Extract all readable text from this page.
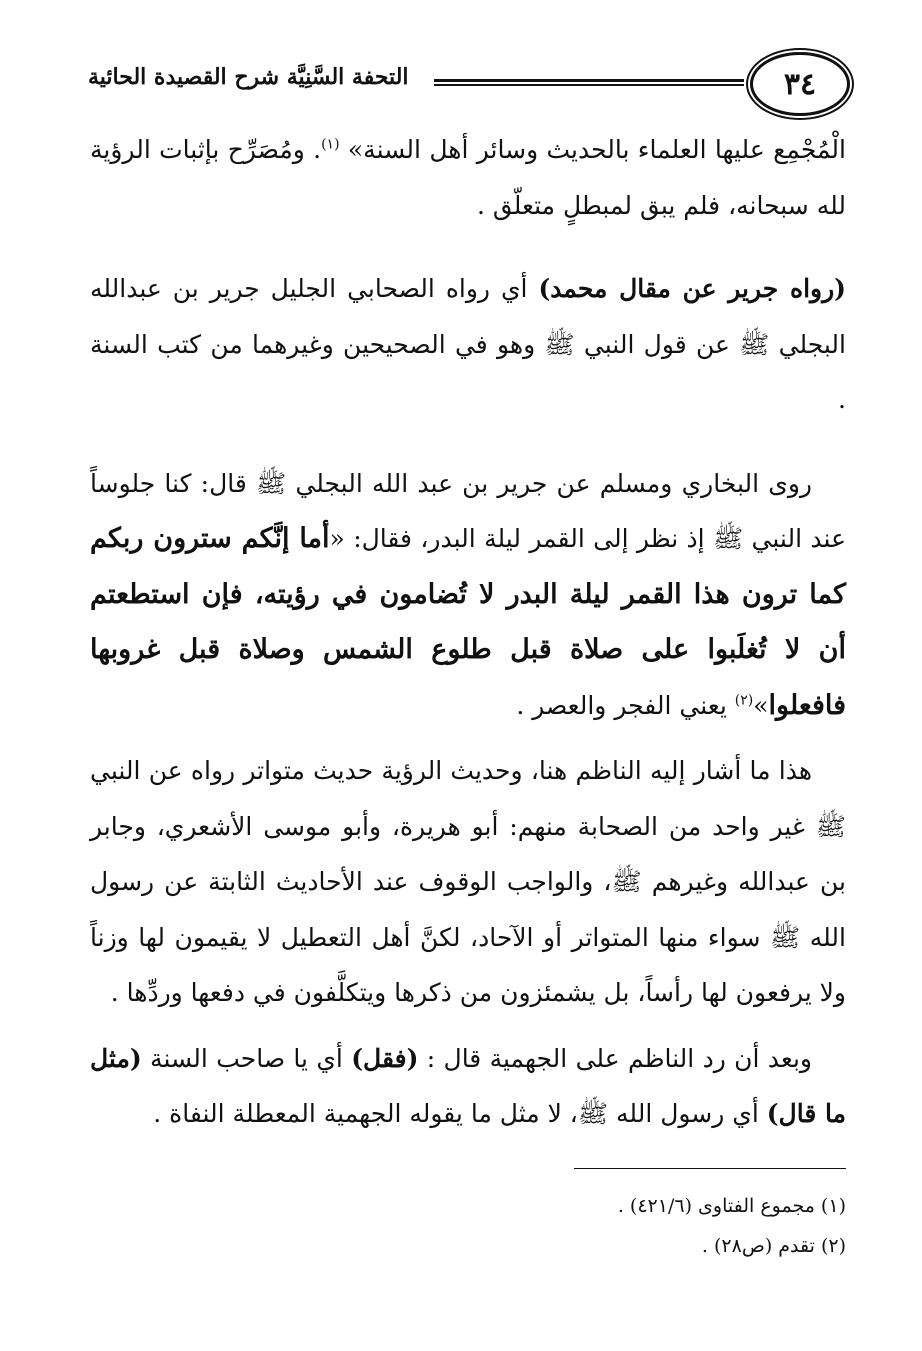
٣٤
التحفة السَّنِيَّة شرح القصيدة الحائية

الْمُجْمِع عليها العلماء بالحديث وسائر أهل السنة» $^{(١)}$. ومُصَرِّح بإثبات الرؤية لله سبحانه، فلم يبق لمبطلٍ متعلّق .

(رواه جرير عن مقال محمد) أي رواه الصحابي الجليل جرير بن عبدالله البجلي ﷺ عن قول النبي ﷺ وهو في الصحيحين وغيرهما من كتب السنة .

روى البخاري ومسلم عن جرير بن عبد الله البجلي ﷺ قال: كنا جلوساً عند النبي ﷺ إذ نظر إلى القمر ليلة البدر، فقال: «أما إنَّكم سترون ربكم كما ترون هذا القمر ليلة البدر لا تُضامون في رؤيته، فإن استطعتم أن لا تُغلَبوا على صلاة قبل طلوع الشمس وصلاة قبل غروبها فافعلوا»$^{(٢)}$ يعني الفجر والعصر .

هذا ما أشار إليه الناظم هنا، وحديث الرؤية حديث متواتر رواه عن النبي ﷺ غير واحد من الصحابة منهم: أبو هريرة، وأبو موسى الأشعري، وجابر بن عبدالله وغيرهم ﷺ، والواجب الوقوف عند الأحاديث الثابتة عن رسول الله ﷺ سواء منها المتواتر أو الآحاد، لكنَّ أهل التعطيل لا يقيمون لها وزناً ولا يرفعون لها رأساً، بل يشمئزون من ذكرها ويتكلَّفون في دفعها وردِّها .

وبعد أن رد الناظم على الجهمية قال : (فقل) أي يا صاحب السنة (مثل ما قال) أي رسول الله ﷺ، لا مثل ما يقوله الجهمية المعطلة النفاة .

(١) مجموع الفتاوى (٤٢١/٦) .

(٢) تقدم (ص٢٨) .
